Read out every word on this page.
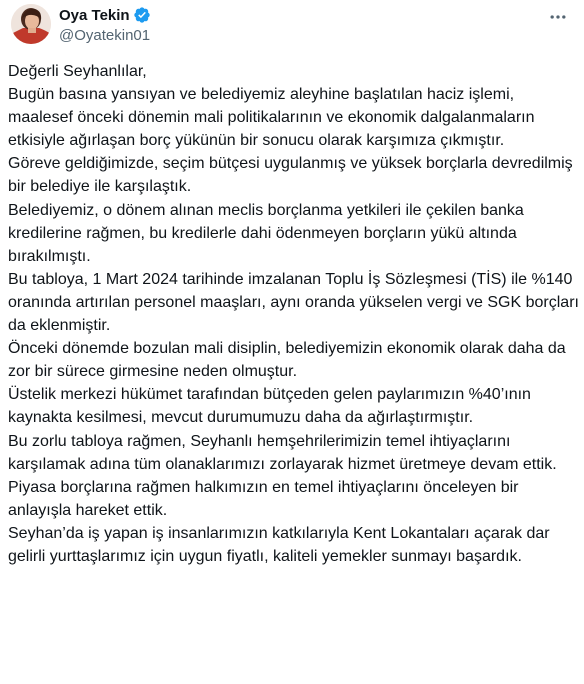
Oya Tekin
@Oyatekin01

Değerli Seyhanlılar,

Bugün basına yansıyan ve belediyemiz aleyhine başlatılan haciz işlemi, maalesef önceki dönemin mali politikalarının ve ekonomik dalgalanmaların etkisiyle ağırlaşan borç yükünün bir sonucu olarak karşımıza çıkmıştır.

Göreve geldiğimizde, seçim bütçesi uygulanmış ve yüksek borçlarla devredilmiş bir belediye ile karşılaştık.

Belediyemiz, o dönem alınan meclis borçlanma yetkileri ile çekilen banka kredilerine rağmen, bu kredilerle dahi ödenmeyen borçların yükü altında bırakılmıştı.

Bu tabloya, 1 Mart 2024 tarihinde imzalanan Toplu İş Sözleşmesi (TİS) ile %140 oranında artırılan personel maaşları, aynı oranda yükselen vergi ve SGK borçları da eklenmiştir.

Önceki dönemde bozulan mali disiplin, belediyemizin ekonomik olarak daha da zor bir sürece girmesine neden olmuştur.

Üstelik merkezi hükümet tarafından bütçeden gelen paylarımızın %40’ının kaynakta kesilmesi, mevcut durumumuzu daha da ağırlaştırmıştır.

Bu zorlu tabloya rağmen, Seyhanlı hemşehrilerimizin temel ihtiyaçlarını karşılamak adına tüm olanaklarımızı zorlayarak hizmet üretmeye devam ettik.

Piyasa borçlarına rağmen halkımızın en temel ihtiyaçlarını önceleyen bir anlayışla hareket ettik.

Seyhan’da iş yapan iş insanlarımızın katkılarıyla Kent Lokantaları açarak dar gelirli yurttaşlarımız için uygun fiyatlı, kaliteli yemekler sunmayı başardık.
